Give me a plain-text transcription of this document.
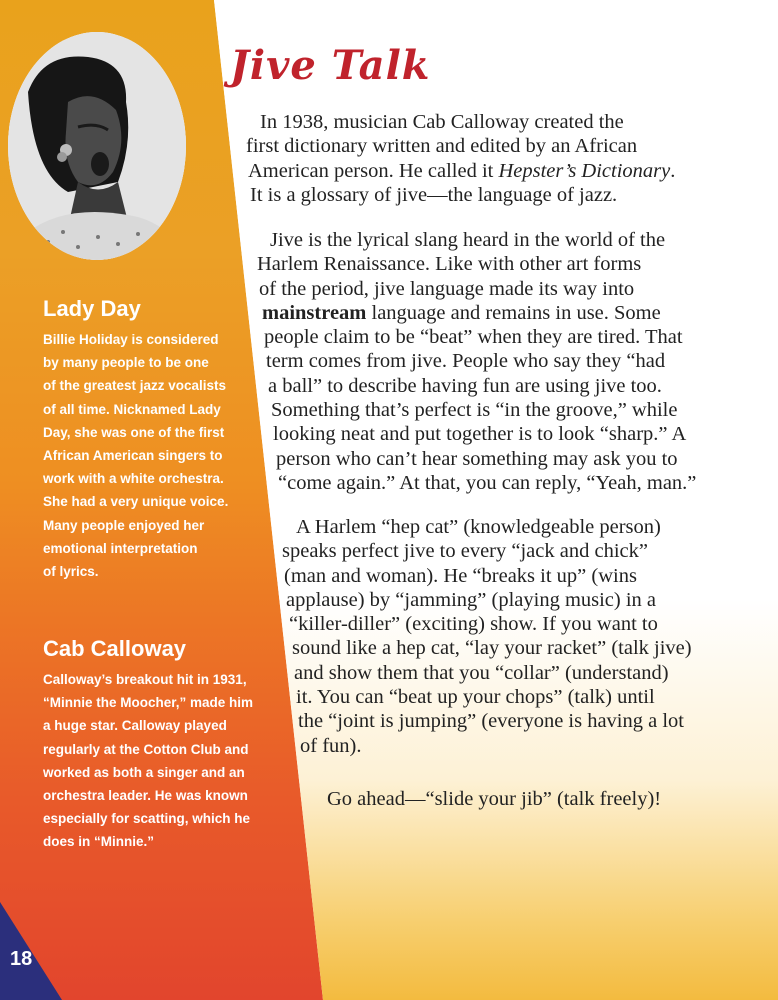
Lady Day

Billie Holiday is considered
by many people to be one
of the greatest jazz vocalists
of all time. Nicknamed Lady
Day, she was one of the first
African American singers to
work with a white orchestra.
She had a very unique voice.
Many people enjoyed her
emotional interpretation
of lyrics.

Cab Calloway

Calloway’s breakout hit in 1931,
“Minnie the Moocher,” made him
a huge star. Calloway played
regularly at the Cotton Club and
worked as both a singer and an
orchestra leader. He was known
especially for scatting, which he
does in “Minnie.”

Jive Talk
In 1938, musician Cab Calloway created the
first dictionary written and edited by an African
American person. He called it Hepster’s Dictionary.
It is a glossary of jive—the language of jazz.
Jive is the lyrical slang heard in the world of the
Harlem Renaissance. Like with other art forms
of the period, jive language made its way into
mainstream language and remains in use. Some
people claim to be “beat” when they are tired. That
term comes from jive. People who say they “had
a ball” to describe having fun are using jive too.
Something that’s perfect is “in the groove,” while
looking neat and put together is to look “sharp.” A
person who can’t hear something may ask you to
“come again.” At that, you can reply, “Yeah, man.”
A Harlem “hep cat” (knowledgeable person)
speaks perfect jive to every “jack and chick”
(man and woman). He “breaks it up” (wins
applause) by “jamming” (playing music) in a
“killer-diller” (exciting) show. If you want to
sound like a hep cat, “lay your racket” (talk jive)
and show them that you “collar” (understand)
it. You can “beat up your chops” (talk) until
the “joint is jumping” (everyone is having a lot
of fun).
Go ahead—“slide your jib” (talk freely)!
18
